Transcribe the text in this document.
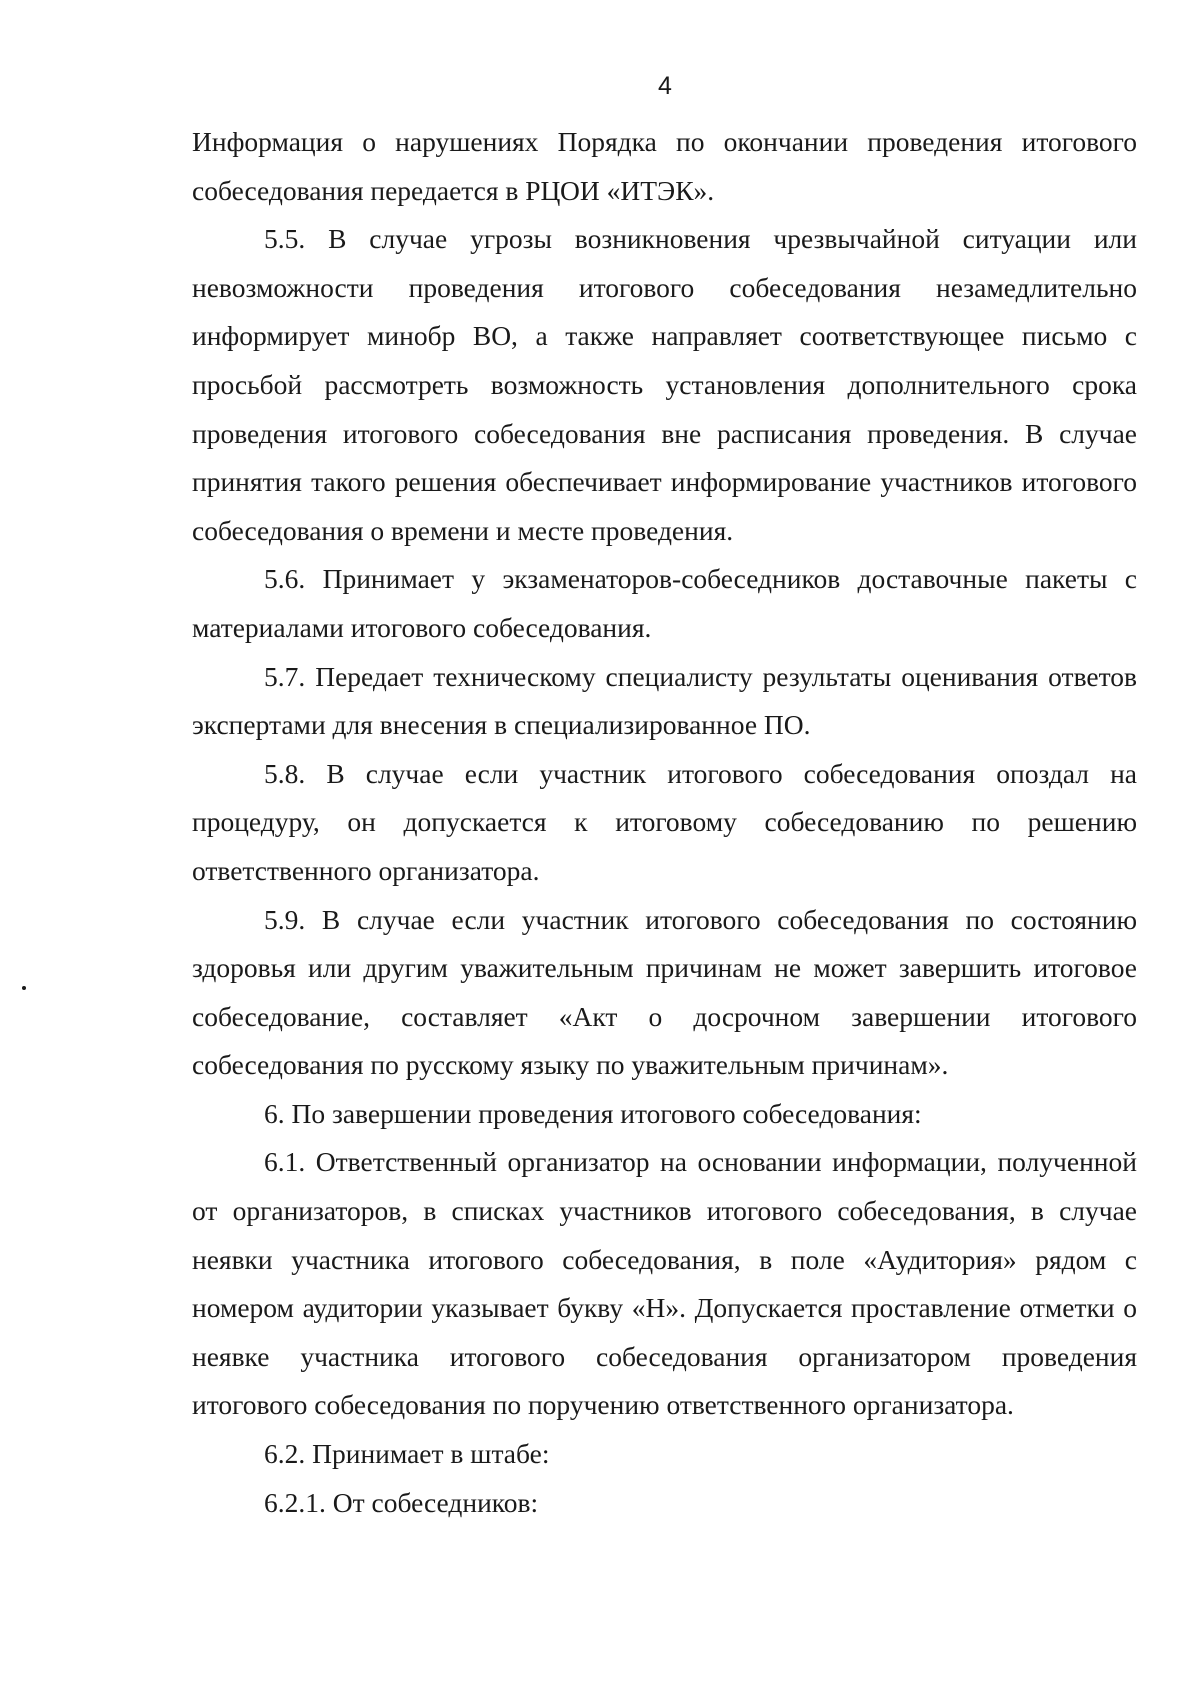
4

Информация о нарушениях Порядка по окончании проведения итогового собеседования передается в РЦОИ «ИТЭК».

5.5. В случае угрозы возникновения чрезвычайной ситуации или невозможности проведения итогового собеседования незамедлительно информирует минобр ВО, а также направляет соответствующее письмо с просьбой рассмотреть возможность установления дополнительного срока проведения итогового собеседования вне расписания проведения. В случае принятия такого решения обеспечивает информирование участников итогового собеседования о времени и месте проведения.

5.6. Принимает у экзаменаторов-собеседников доставочные пакеты с материалами итогового собеседования.

5.7. Передает техническому специалисту результаты оценивания ответов экспертами для внесения в специализированное ПО.

5.8. В случае если участник итогового собеседования опоздал на процедуру, он допускается к итоговому собеседованию по решению ответственного организатора.

5.9. В случае если участник итогового собеседования по состоянию здоровья или другим уважительным причинам не может завершить итоговое собеседование, составляет «Акт о досрочном завершении итогового собеседования по русскому языку по уважительным причинам».

6. По завершении проведения итогового собеседования:

6.1. Ответственный организатор на основании информации, полученной от организаторов, в списках участников итогового собеседования, в случае неявки участника итогового собеседования, в поле «Аудитория» рядом с номером аудитории указывает букву «Н». Допускается проставление отметки о неявке участника итогового собеседования организатором проведения итогового собеседования по поручению ответственного организатора.

6.2. Принимает в штабе:

6.2.1. От собеседников:
